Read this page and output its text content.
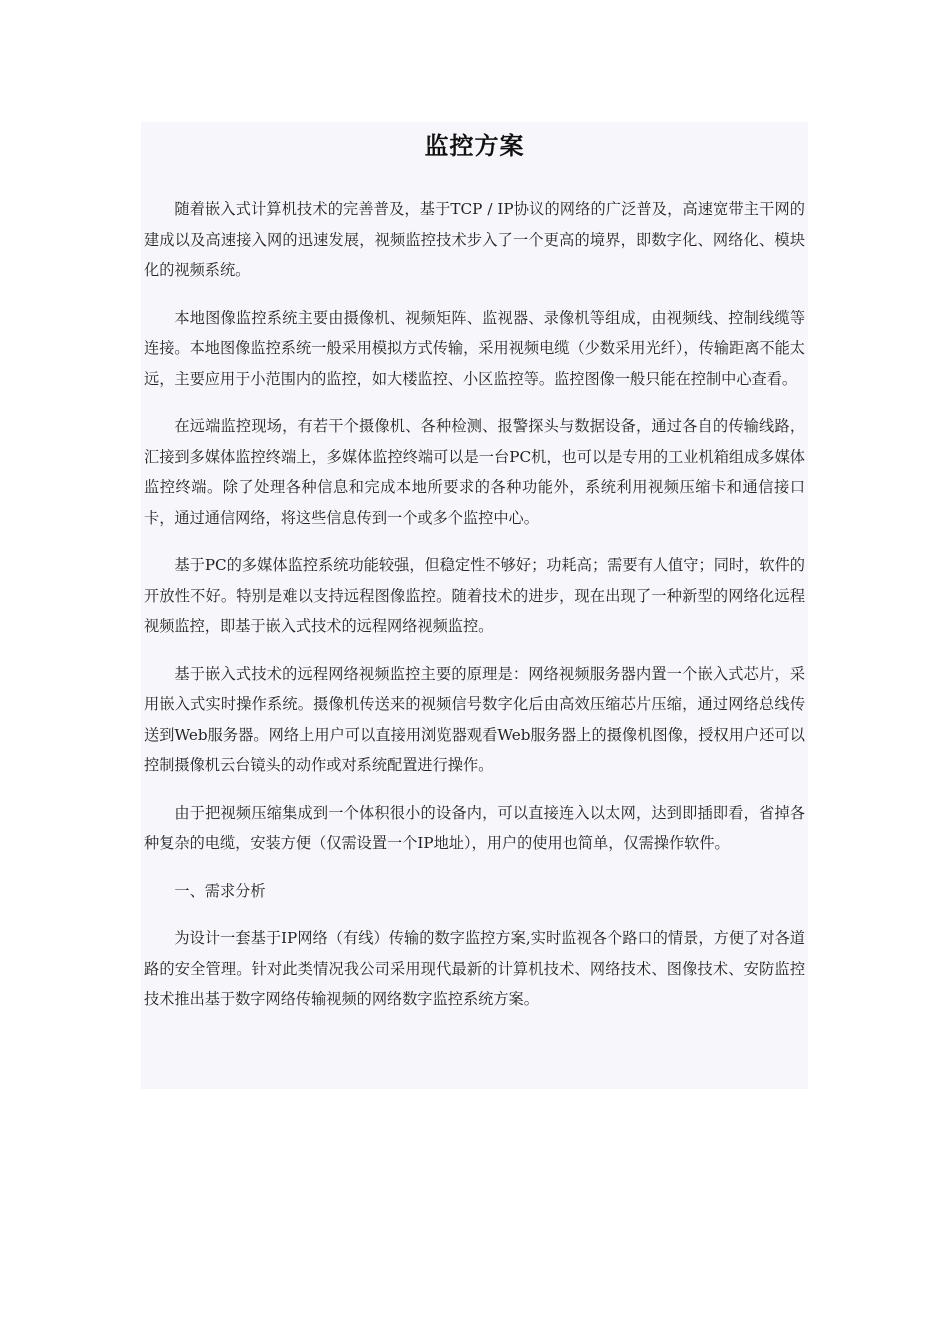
监控方案

随着嵌入式计算机技术的完善普及，基于TCP / IP协议的网络的广泛普及，高速宽带主干网的建成以及高速接入网的迅速发展，视频监控技术步入了一个更高的境界，即数字化、网络化、模块化的视频系统。

本地图像监控系统主要由摄像机、视频矩阵、监视器、录像机等组成，由视频线、控制线缆等连接。本地图像监控系统一般采用模拟方式传输，采用视频电缆（少数采用光纤），传输距离不能太远，主要应用于小范围内的监控，如大楼监控、小区监控等。监控图像一般只能在控制中心查看。

在远端监控现场，有若干个摄像机、各种检测、报警探头与数据设备，通过各自的传输线路，汇接到多媒体监控终端上，多媒体监控终端可以是一台PC机，也可以是专用的工业机箱组成多媒体监控终端。除了处理各种信息和完成本地所要求的各种功能外，系统利用视频压缩卡和通信接口卡，通过通信网络，将这些信息传到一个或多个监控中心。

基于PC的多媒体监控系统功能较强，但稳定性不够好；功耗高；需要有人值守；同时，软件的开放性不好。特别是难以支持远程图像监控。随着技术的进步，现在出现了一种新型的网络化远程视频监控，即基于嵌入式技术的远程网络视频监控。

基于嵌入式技术的远程网络视频监控主要的原理是：网络视频服务器内置一个嵌入式芯片，采用嵌入式实时操作系统。摄像机传送来的视频信号数字化后由高效压缩芯片压缩，通过网络总线传送到Web服务器。网络上用户可以直接用浏览器观看Web服务器上的摄像机图像，授权用户还可以控制摄像机云台镜头的动作或对系统配置进行操作。

由于把视频压缩集成到一个体积很小的设备内，可以直接连入以太网，达到即插即看，省掉各种复杂的电缆，安装方便（仅需设置一个IP地址），用户的使用也简单，仅需操作软件。

一、需求分析

为设计一套基于IP网络（有线）传输的数字监控方案,实时监视各个路口的情景，方便了对各道路的安全管理。针对此类情况我公司采用现代最新的计算机技术、网络技术、图像技术、安防监控技术推出基于数字网络传输视频的网络数字监控系统方案。
